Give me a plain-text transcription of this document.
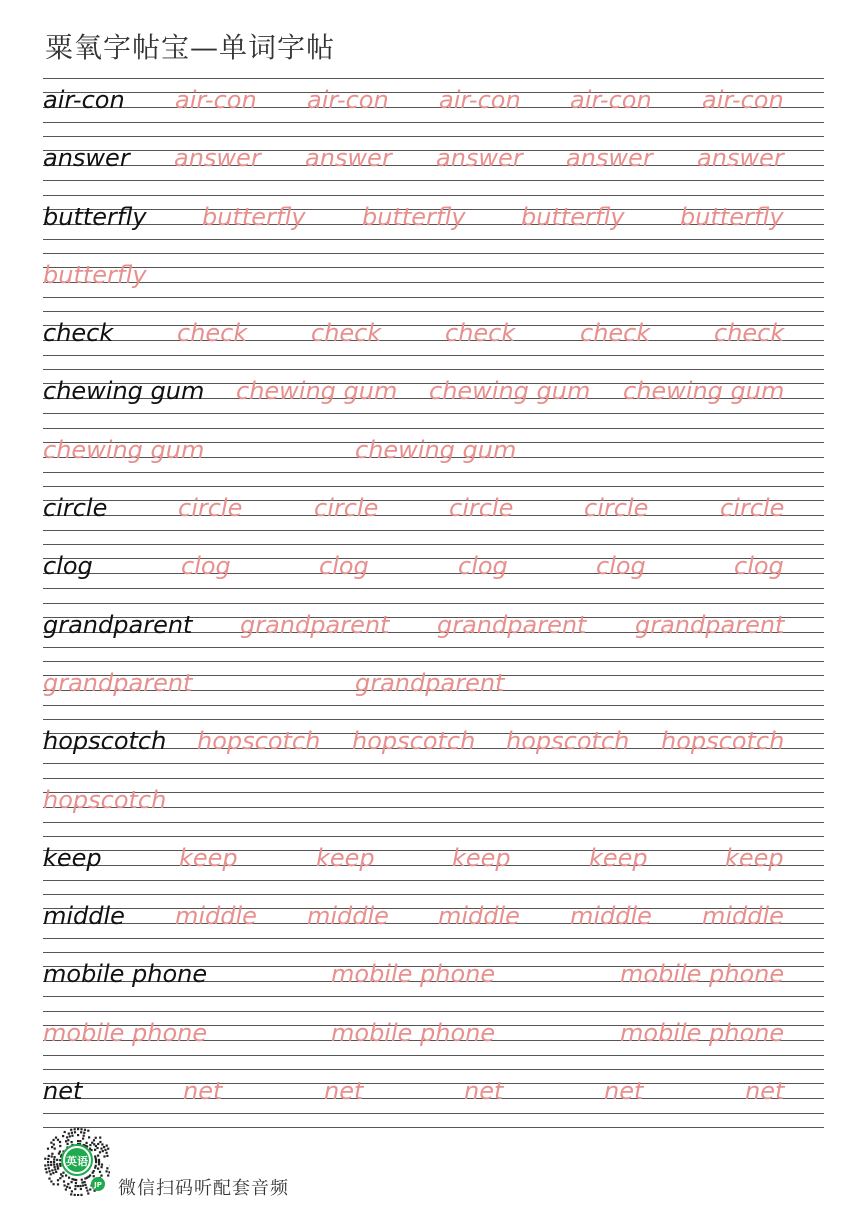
粟氧字帖宝—单词字帖
air-con air-con air-con air-con air-con air-con
answer answer answer answer answer answer
butterfly butterfly butterfly butterfly butterfly
butterfly
check	check	check	check	check	check
chewing gum chewing gum chewing gum chewing gum
chewing gum	chewing gum
circle	circle	circle	circle	circle	circle
clog	clog	clog	clog	clog	clog
grandparent grandparent grandparent grandparent
grandparent	grandparent
hopscotch hopscotch hopscotch hopscotch hopscotch
hopscotch
keep	keep	keep	keep	keep	keep
middle middle middle middle middle middle
mobile phone	mobile phone	mobile phone
mobile phone	mobile phone	mobile phone
net	net	net	net	net	net
英语
JP 微信扫码听配套音频
